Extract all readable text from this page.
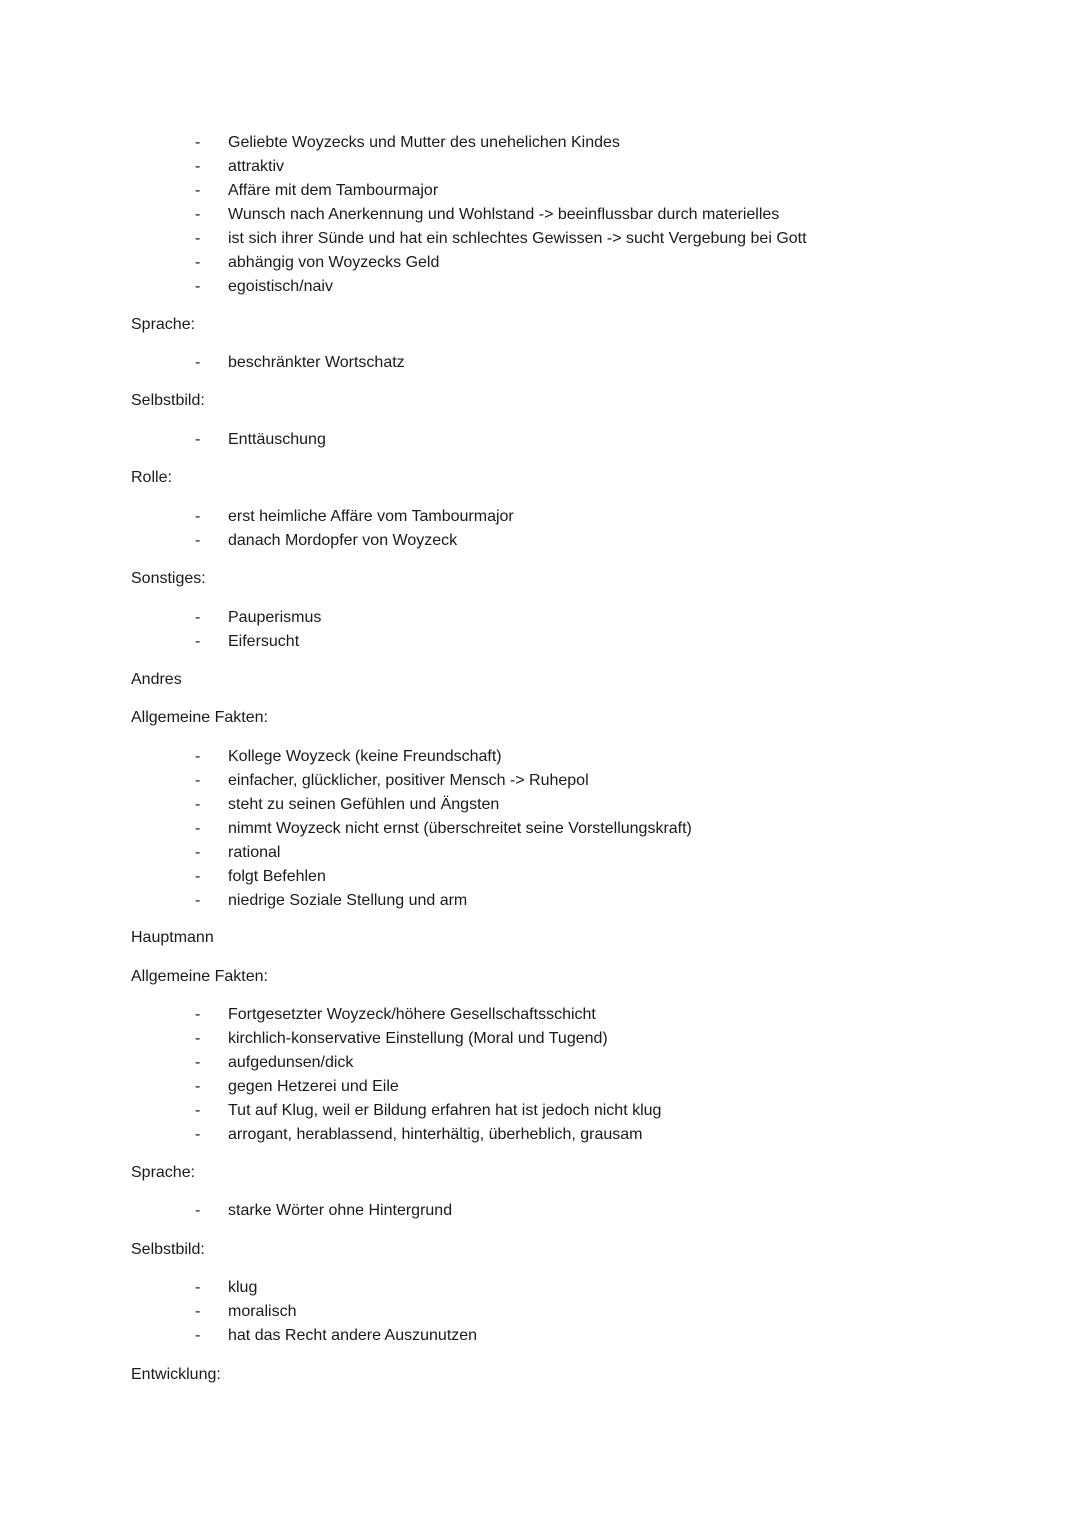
- Geliebte Woyzecks und Mutter des unehelichen Kindes
- attraktiv
- Affäre mit dem Tambourmajor
- Wunsch nach Anerkennung und Wohlstand -> beeinflussbar durch materielles
- ist sich ihrer Sünde und hat ein schlechtes Gewissen -> sucht Vergebung bei Gott
- abhängig von Woyzecks Geld
- egoistisch/naiv
Sprache:
- beschränkter Wortschatz
Selbstbild:
- Enttäuschung
Rolle:
- erst heimliche Affäre vom Tambourmajor
- danach Mordopfer von Woyzeck
Sonstiges:
- Pauperismus
- Eifersucht
Andres
Allgemeine Fakten:
- Kollege Woyzeck (keine Freundschaft)
- einfacher, glücklicher, positiver Mensch -> Ruhepol
- steht zu seinen Gefühlen und Ängsten
- nimmt Woyzeck nicht ernst (überschreitet seine Vorstellungskraft)
- rational
- folgt Befehlen
- niedrige Soziale Stellung und arm
Hauptmann
Allgemeine Fakten:
- Fortgesetzter Woyzeck/höhere Gesellschaftsschicht
- kirchlich-konservative Einstellung (Moral und Tugend)
- aufgedunsen/dick
- gegen Hetzerei und Eile
- Tut auf Klug, weil er Bildung erfahren hat ist jedoch nicht klug
- arrogant, herablassend, hinterhältig, überheblich, grausam
Sprache:
- starke Wörter ohne Hintergrund
Selbstbild:
- klug
- moralisch
- hat das Recht andere Auszunutzen
Entwicklung:
